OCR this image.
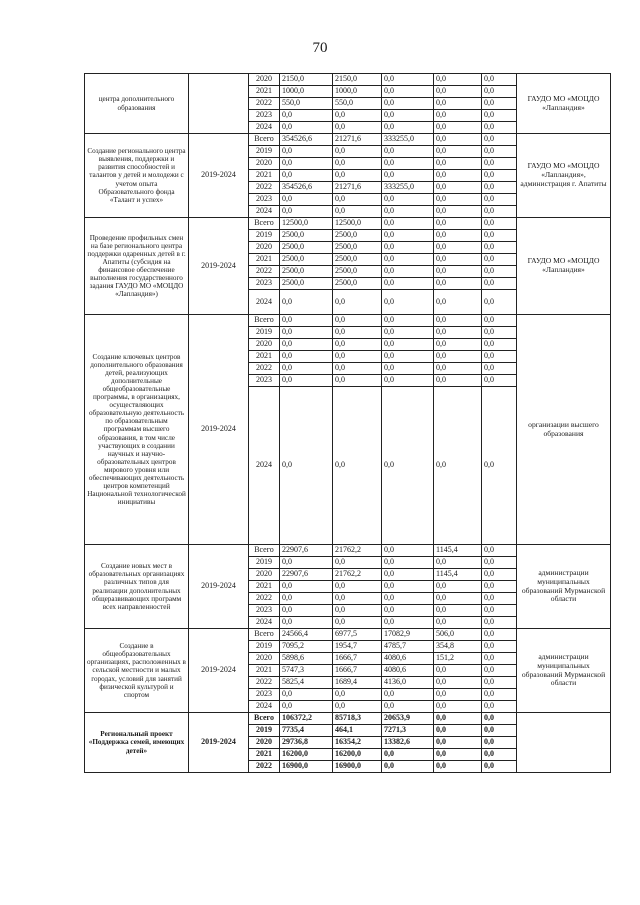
70
центра дополнительного образования		2020	2150,0	2150,0	0,0	0,0	0,0	ГАУДО МО «МОЦДО «Лапландия»
		2021	1000,0	1000,0	0,0	0,0	0,0	
		2022	550,0	550,0	0,0	0,0	0,0	
		2023	0,0	0,0	0,0	0,0	0,0	
		2024	0,0	0,0	0,0	0,0	0,0	
Создание регионального центра выявления, поддержки и развития способностей и талантов у детей и молодежи с учетом опыта Образовательного фонда «Талант и успех»	2019-2024	Всего	354526,6	21271,6	333255,0	0,0	0,0	ГАУДО МО «МОЦДО «Лапландия», администрация г. Апатиты
		2019	0,0	0,0	0,0	0,0	0,0	
		2020	0,0	0,0	0,0	0,0	0,0	
		2021	0,0	0,0	0,0	0,0	0,0	
		2022	354526,6	21271,6	333255,0	0,0	0,0	
		2023	0,0	0,0	0,0	0,0	0,0	
		2024	0,0	0,0	0,0	0,0	0,0	
Проведение профильных смен на базе регионального центра поддержки одаренных детей в г. Апатиты (субсидия на финансовое обеспечение выполнения государственного задания ГАУДО МО «МОЦДО «Лапландия»)	2019-2024	Всего	12500,0	12500,0	0,0	0,0	0,0	ГАУДО МО «МОЦДО «Лапландия»
		2019	2500,0	2500,0	0,0	0,0	0,0	
		2020	2500,0	2500,0	0,0	0,0	0,0	
		2021	2500,0	2500,0	0,0	0,0	0,0	
		2022	2500,0	2500,0	0,0	0,0	0,0	
		2023	2500,0	2500,0	0,0	0,0	0,0	
		2024	0,0	0,0	0,0	0,0	0,0	
Создание ключевых центров дополнительного образования детей, реализующих дополнительные общеобразовательные программы, в организациях, осуществляющих образовательную деятельность по образовательным программам высшего образования, в том числе участвующих в создании научных и научно-образовательных центров мирового уровня или обеспечивающих деятельность центров компетенций Национальной технологической инициативы	2019-2024	Всего	0,0	0,0	0,0	0,0	0,0	организации высшего образования
		2019	0,0	0,0	0,0	0,0	0,0	
		2020	0,0	0,0	0,0	0,0	0,0	
		2021	0,0	0,0	0,0	0,0	0,0	
		2022	0,0	0,0	0,0	0,0	0,0	
		2023	0,0	0,0	0,0	0,0	0,0	
		2024	0,0	0,0	0,0	0,0	0,0	
Создание новых мест в образовательных организациях различных типов для реализации дополнительных общеразвивающих программ всех направленностей	2019-2024	Всего	22907,6	21762,2	0,0	1145,4	0,0	администрации муниципальных образований Мурманской области
		2019	0,0	0,0	0,0	0,0	0,0	
		2020	22907,6	21762,2	0,0	1145,4	0,0	
		2021	0,0	0,0	0,0	0,0	0,0	
		2022	0,0	0,0	0,0	0,0	0,0	
		2023	0,0	0,0	0,0	0,0	0,0	
		2024	0,0	0,0	0,0	0,0	0,0	
Создание в общеобразовательных организациях, расположенных в сельской местности и малых городах, условий для занятий физической культурой и спортом	2019-2024	Всего	24566,4	6977,5	17082,9	506,0	0,0	администрации муниципальных образований Мурманской области
		2019	7095,2	1954,7	4785,7	354,8	0,0	
		2020	5898,6	1666,7	4080,6	151,2	0,0	
		2021	5747,3	1666,7	4080,6	0,0	0,0	
		2022	5825,4	1689,4	4136,0	0,0	0,0	
		2023	0,0	0,0	0,0	0,0	0,0	
		2024	0,0	0,0	0,0	0,0	0,0	
Региональный проект «Поддержка семей, имеющих детей»	2019-2024	Всего	106372,2	85718,3	20653,9	0,0	0,0	
		2019	7735,4	464,1	7271,3	0,0	0,0	
		2020	29736,8	16354,2	13382,6	0,0	0,0	
		2021	16200,0	16200,0	0,0	0,0	0,0	
		2022	16900,0	16900,0	0,0	0,0	0,0	
